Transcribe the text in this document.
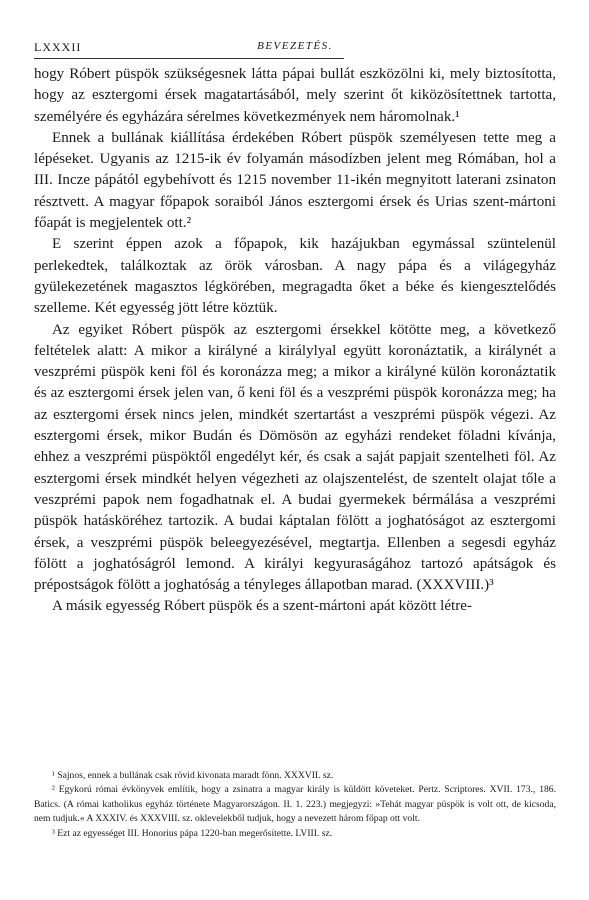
LXXXII	BEVEZETÉS.

hogy Róbert püspök szükségesnek látta pápai bullát eszközölni ki, mely biztosította, hogy az esztergomi érsek magatartásából, mely szerint őt kiközösítettnek tartotta, személyére és egyházára sérelmes következmények nem háromolnak.¹

Ennek a bullának kiállítása érdekében Róbert püspök személyesen tette meg a lépéseket. Ugyanis az 1215-ik év folyamán másodízben jelent meg Rómában, hol a III. Incze pápától egybehívott és 1215 november 11-ikén megnyitott laterani zsinaton résztvett. A magyar főpapok soraiból János esztergomi érsek és Urias szent-mártoni főapát is megjelentek ott.²

E szerint éppen azok a főpapok, kik hazájukban egymással szüntelenül perlekedtek, találkoztak az örök városban. A nagy pápa és a világegyház gyülekezetének magasztos légkörében, megragadta őket a béke és kiengesztelődés szelleme. Két egyesség jött létre köztük.

Az egyiket Róbert püspök az esztergomi érsekkel kötötte meg, a következő feltételek alatt: A mikor a királyné a királylyal együtt koronáztatik, a királynét a veszprémi püspök keni föl és koronázza meg; a mikor a királyné külön koronáztatik és az esztergomi érsek jelen van, ő keni föl és a veszprémi püspök koronázza meg; ha az esztergomi érsek nincs jelen, mindkét szertartást a veszprémi püspök végezi. Az esztergomi érsek, mikor Budán és Dömösön az egyházi rendeket föladni kívánja, ehhez a veszprémi püspöktől engedélyt kér, és csak a saját papjait szentelheti föl. Az esztergomi érsek mindkét helyen végezheti az olajszentelést, de szentelt olajat tőle a veszprémi papok nem fogadhatnak el. A budai gyermekek bérmálása a veszprémi püspök hatásköréhez tartozik. A budai káptalan fölött a joghatóságot az esztergomi érsek, a veszprémi püspök beleegyezésével, megtartja. Ellenben a segesdi egyház fölött a joghatóságról lemond. A királyi kegyuraságához tartozó apátságok és prépostságok fölött a joghatóság a tényleges állapotban marad. (XXXVIII.)³

A másik egyesség Róbert püspök és a szent-mártoni apát között létre-

¹ Sajnos, ennek a bullának csak rövid kivonata maradt fönn. XXXVII. sz.

² Egykorú római évkönyvek említik, hogy a zsinatra a magyar király is küldött követeket. Pertz. Scriptores. XVII. 173., 186. Batics. (A római katholikus egyház története Magyarországon. II. 1. 223.) megjegyzi: »Tehát magyar püspök is volt ott, de kicsoda, nem tudjuk.« A XXXIV. és XXXVIII. sz. oklevelekből tudjuk, hogy a nevezett három főpap ott volt.

³ Ezt az egyességet III. Honorius pápa 1220-ban megerősítette. LVIII. sz.
